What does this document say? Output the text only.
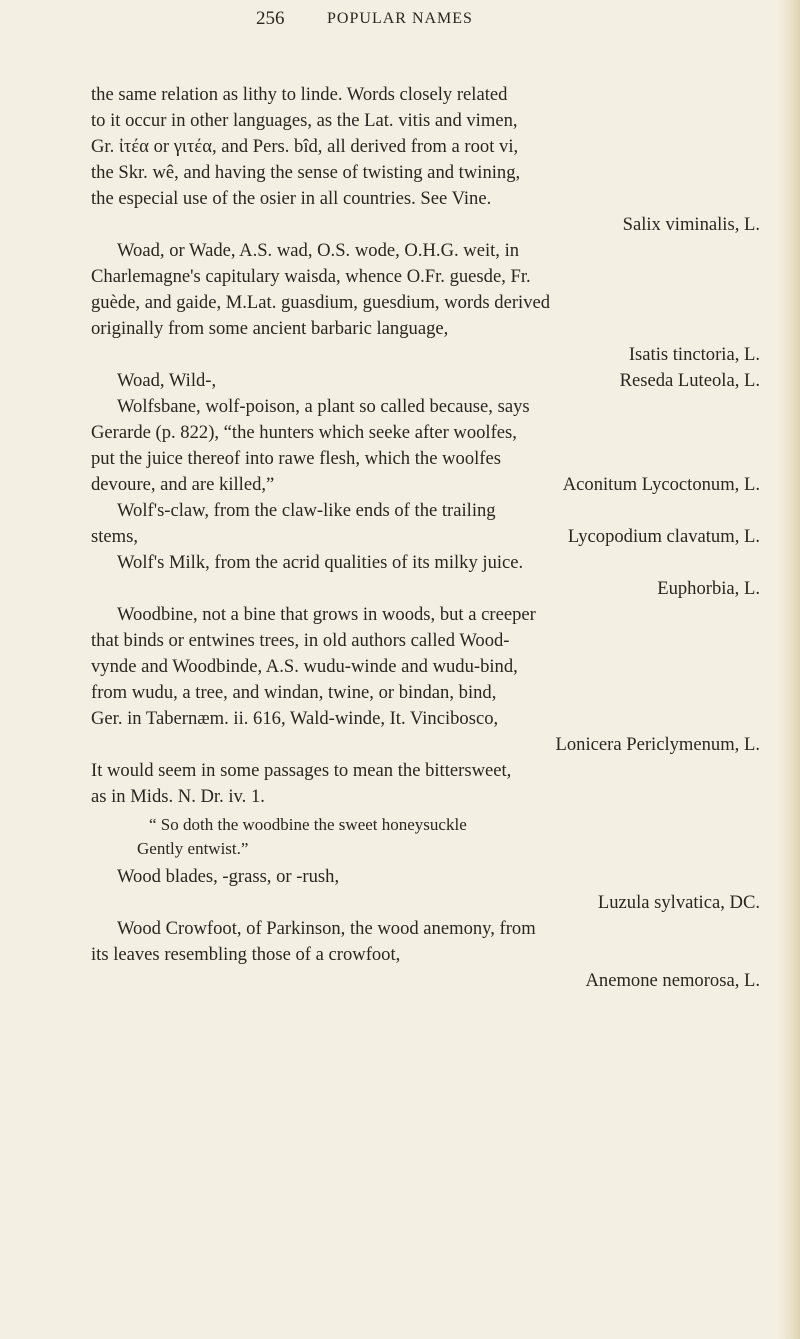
256	POPULAR NAMES
the same relation as lithy to linde. Words closely related
to it occur in other languages, as the Lat. vitis and vimen,
Gr. ἰτέα or γιτέα, and Pers. bîd, all derived from a root vi,
the Skr. wê, and having the sense of twisting and twining,
the especial use of the osier in all countries. See Vine.
Salix viminalis, L.
Woad, or Wade, A.S. wad, O.S. wode, O.H.G. weit, in
Charlemagne's capitulary waisda, whence O.Fr. guesde, Fr.
guède, and gaide, M.Lat. guasdium, guesdium, words derived
originally from some ancient barbaric language,
Isatis tinctoria, L.
Woad, Wild-,	Reseda Luteola, L.
Wolfsbane, wolf-poison, a plant so called because, says
Gerarde (p. 822), “the hunters which seeke after woolfes,
put the juice thereof into rawe flesh, which the woolfes
devoure, and are killed,”	Aconitum Lycoctonum, L.
Wolf's-claw, from the claw-like ends of the trailing
stems,	Lycopodium clavatum, L.
Wolf's Milk, from the acrid qualities of its milky juice.
Euphorbia, L.
Woodbine, not a bine that grows in woods, but a creeper
that binds or entwines trees, in old authors called Wood-
vynde and Woodbinde, A.S. wudu-winde and wudu-bind,
from wudu, a tree, and windan, twine, or bindan, bind,
Ger. in Tabernæm. ii. 616, Wald-winde, It. Vincibosco,
Lonicera Periclymenum, L.
It would seem in some passages to mean the bittersweet,
as in Mids. N. Dr. iv. 1.
“ So doth the woodbine the sweet honeysuckle
Gently entwist.”
Wood blades, -grass, or -rush,
Luzula sylvatica, DC.
Wood Crowfoot, of Parkinson, the wood anemony, from
its leaves resembling those of a crowfoot,
Anemone nemorosa, L.
